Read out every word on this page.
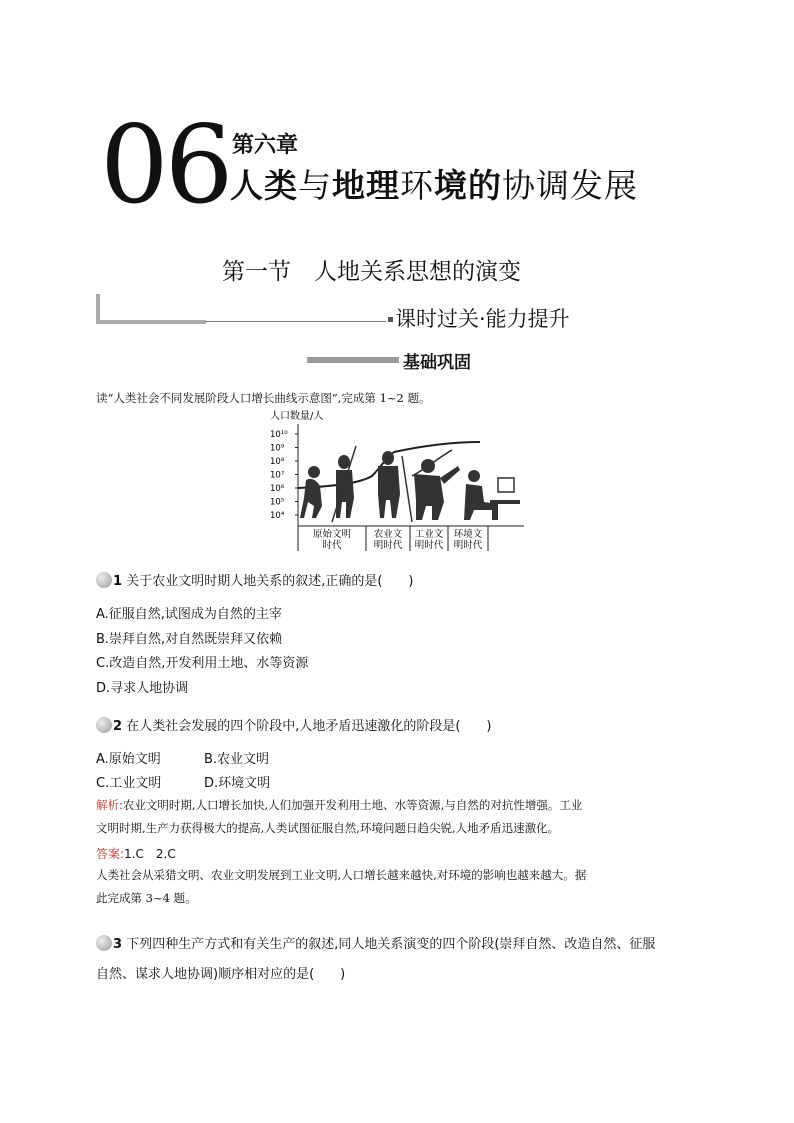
06 第六章
人类与地理环境的协调发展
第一节　人地关系思想的演变
课时过关·能力提升
基础巩固
读“人类社会不同发展阶段人口增长曲线示意图”,完成第 1~2 题。
人口数量/人
10¹⁰
10⁹
10⁸
10⁷
10⁶
10⁵
10⁴
原始文明
时代
农业文
明时代
工业文
明时代
环境文
明时代
1 关于农业文明时期人地关系的叙述,正确的是(　　)
A.征服自然,试图成为自然的主宰
B.崇拜自然,对自然既崇拜又依赖
C.改造自然,开发利用土地、水等资源
D.寻求人地协调
2 在人类社会发展的四个阶段中,人地矛盾迅速激化的阶段是(　　)
A.原始文明	B.农业文明
C.工业文明	D.环境文明
解析:农业文明时期,人口增长加快,人们加强开发利用土地、水等资源,与自然的对抗性增强。工业
文明时期,生产力获得极大的提高,人类试图征服自然,环境问题日趋尖锐,人地矛盾迅速激化。
答案:1.C　2.C
人类社会从采猎文明、农业文明发展到工业文明,人口增长越来越快,对环境的影响也越来越大。据
此完成第 3~4 题。
3 下列四种生产方式和有关生产的叙述,同人地关系演变的四个阶段(崇拜自然、改造自然、征服
自然、谋求人地协调)顺序相对应的是(　　)
